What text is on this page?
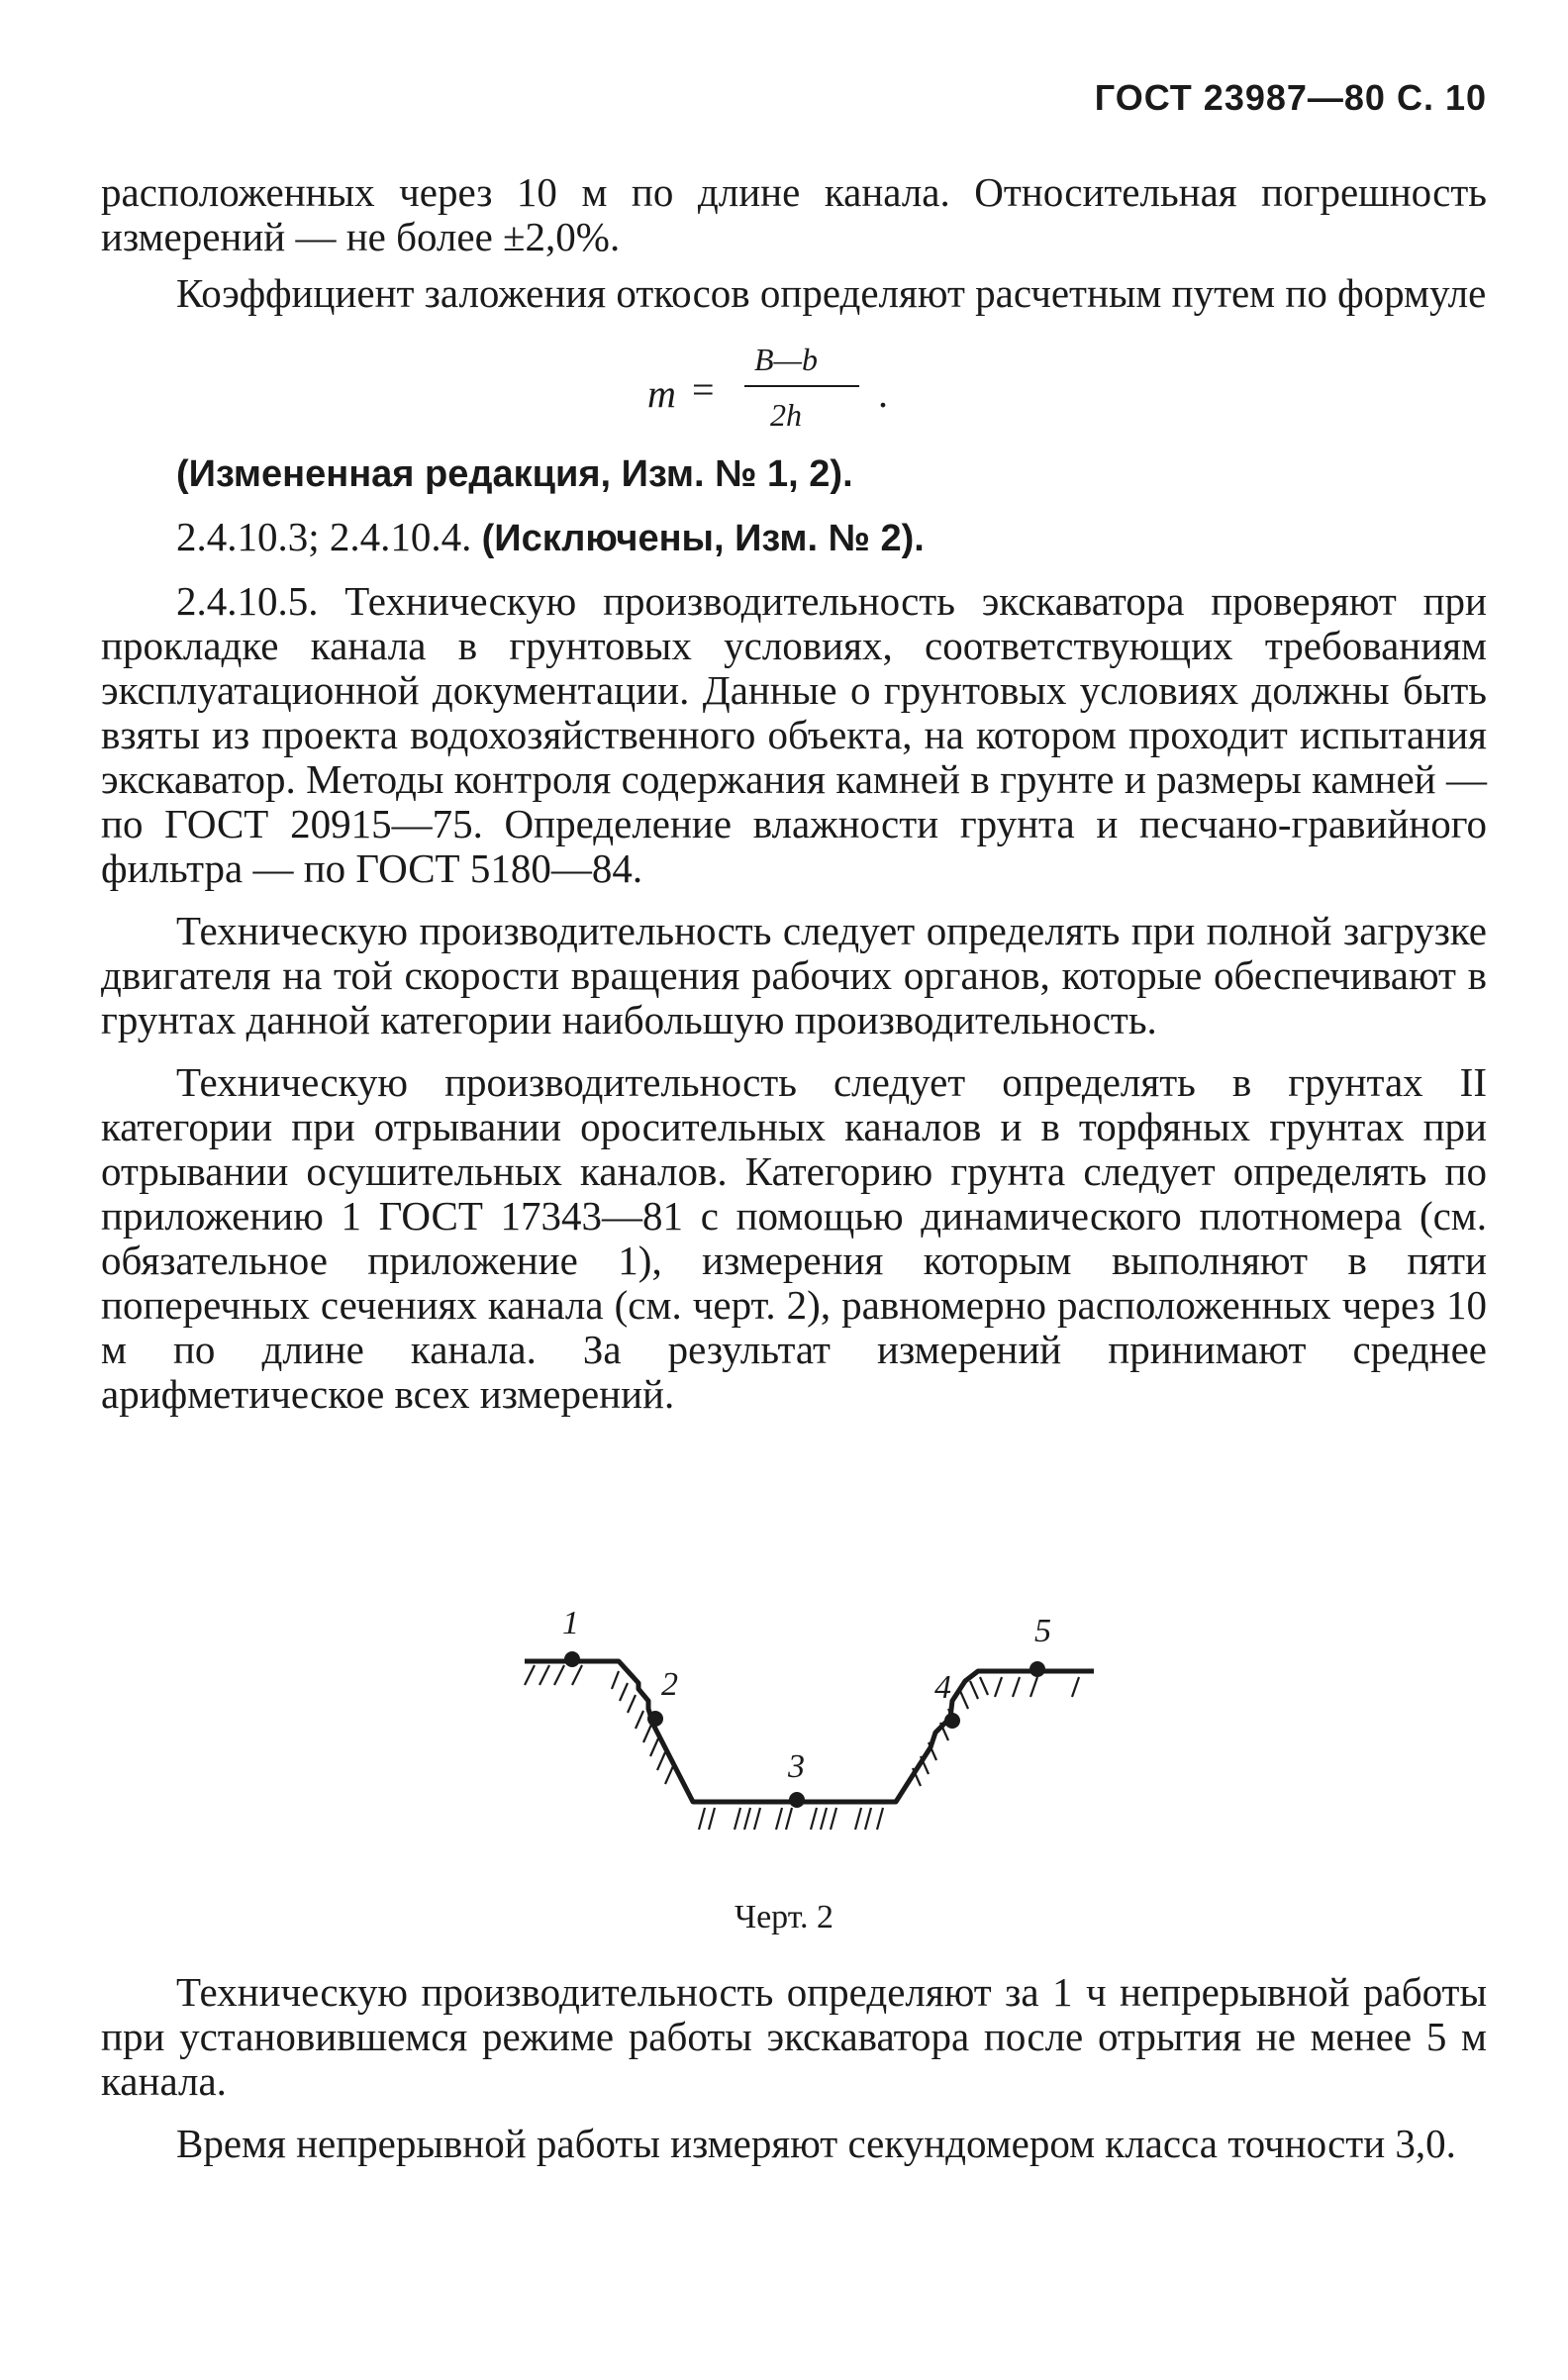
ГОСТ 23987—80 С. 10

расположенных через 10 м по длине канала. Относительная погрешность измерений — не более ±2,0%.

Коэффициент заложения откосов определяют расчетным путем по формуле

m =
B—b
2h .

(Измененная редакция, Изм. № 1, 2).

2.4.10.3; 2.4.10.4. (Исключены, Изм. № 2).

2.4.10.5. Техническую производительность экскаватора проверяют при прокладке канала в грунтовых условиях, соответствующих требованиям эксплуатационной документации. Данные о грунтовых условиях должны быть взяты из проекта водохозяйственного объекта, на котором проходит испытания экскаватор. Методы контроля содержания камней в грунте и размеры камней — по ГОСТ 20915—75. Определение влажности грунта и песчано-гравийного фильтра — по ГОСТ 5180—84.

Техническую производительность следует определять при полной загрузке двигателя на той скорости вращения рабочих органов, которые обеспечивают в грунтах данной категории наибольшую производительность.

Техническую производительность следует определять в грунтах II категории при отрывании оросительных каналов и в торфяных грунтах при отрывании осушительных каналов. Категорию грунта следует определять по приложению 1 ГОСТ 17343—81 с помощью динамического плотномера (см. обязательное приложение 1), измерения которым выполняют в пяти поперечных сечениях канала (см. черт. 2), равномерно расположенных через 10 м по длине канала. За результат измерений принимают среднее арифметическое всех измерений.

1
2
3
4
5
Черт. 2

Техническую производительность определяют за 1 ч непрерывной работы при установившемся режиме работы экскаватора после отрытия не менее 5 м канала.

Время непрерывной работы измеряют секундомером класса точности 3,0.
